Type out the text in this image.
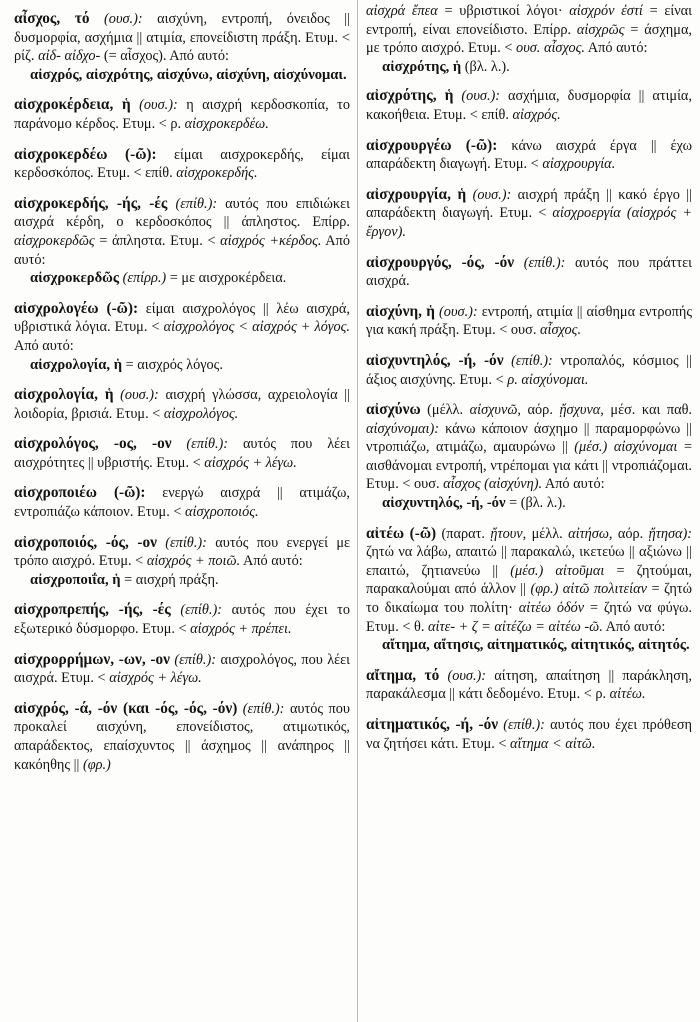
αἶσχος, τό (ουσ.): αισχύνη, εντροπή, όνειδος || δυσμορφία, ασχήμια || ατιμία, επονείδιστη πράξη. Ετυμ. < ρίζ. αἰδ- αἰδχο- (= αἶσχος). Από αυτό:
αἰσχρός, αἰσχρότης, αἰσχύνω, αἰσχύνη, αἰσχύνομαι.

αἰσχροκέρδεια, ἡ (ουσ.): η αισχρή κερδοσκοπία, το παράνομο κέρδος. Ετυμ. < ρ. αἰσχροκερδέω.

αἰσχροκερδέω (-ῶ): είμαι αισχροκερδής, είμαι κερδοσκόπος. Ετυμ. < επίθ. αἰσχροκερδής.

αἰσχροκερδής, -ής, -ές (επίθ.): αυτός που επιδιώκει αισχρά κέρδη, ο κερδοσκόπος || άπληστος. Επίρρ. αἰσχροκερδῶς = άπληστα. Ετυμ. < αἰσχρός +κέρδος. Από αυτό:
αἰσχροκερδῶς (επίρρ.) = με αισχροκέρδεια.

αἰσχρολογέω (-ῶ): είμαι αισχρολόγος || λέω αισχρά, υβριστικά λόγια. Ετυμ. < αἰσχρολόγος < αἰσχρός + λόγος. Από αυτό:
αἰσχρολογία, ἡ = αισχρός λόγος.

αἰσχρολογία, ἡ (ουσ.): αισχρή γλώσσα, αχρειολογία || λοιδορία, βρισιά. Ετυμ. < αἰσχρολόγος.

αἰσχρολόγος, -ος, -ον (επίθ.): αυτός που λέει αισχρότητες || υβριστής. Ετυμ. < αἰσχρός + λέγω.

αἰσχροποιέω (-ῶ): ενεργώ αισχρά || ατιμάζω, εντροπιάζω κάποιον. Ετυμ. < αἰσχροποιός.

αἰσχροποιός, -ός, -ον (επίθ.): αυτός που ενεργεί με τρόπο αισχρό. Ετυμ. < αἰσχρός + ποιῶ. Από αυτό:
αἰσχροποιΐα, ἡ = αισχρή πράξη.

αἰσχροπρεπής, -ής, -ές (επίθ.): αυτός που έχει το εξωτερικό δύσμορφο. Ετυμ. < αἰσχρός + πρέπει.

αἰσχρορρήμων, -ων, -ον (επίθ.): αισχρολόγος, που λέει αισχρά. Ετυμ. < αἰσχρός + λέγω.

αἰσχρός, -ά, -όν (και -ός, -ός, -όν) (επίθ.): αυτός που προκαλεί αισχύνη, επονείδιστος, ατιμωτικός, απαράδεκτος, επαίσχυντος || άσχημος || ανάπηρος || κακόηθης || (φρ.)

αἰσχρά ἔπεα = υβριστικοί λόγοι· αἰσχρόν ἐστί = είναι εντροπή, είναι επονείδιστο. Επίρρ. αἰσχρῶς = άσχημα, με τρόπο αισχρό. Ετυμ. < ουσ. αἶσχος. Από αυτό:
αἰσχρότης, ἡ (βλ. λ.).

αἰσχρότης, ἡ (ουσ.): ασχήμια, δυσμορφία || ατιμία, κακοήθεια. Ετυμ. < επίθ. αἰσχρός.

αἰσχρουργέω (-ῶ): κάνω αισχρά έργα || έχω απαράδεκτη διαγωγή. Ετυμ. < αἰσχρουργία.

αἰσχρουργία, ἡ (ουσ.): αισχρή πράξη || κακό έργο || απαράδεκτη διαγωγή. Ετυμ. < αἰσχροεργία (αἰσχρός + ἔργον).

αἰσχρουργός, -ός, -όν (επίθ.): αυτός που πράττει αισχρά.

αἰσχύνη, ἡ (ουσ.): εντροπή, ατιμία || αίσθημα εντροπής για κακή πράξη. Ετυμ. < ουσ. αἶσχος.

αἰσχυντηλός, -ή, -όν (επίθ.): ντροπαλός, κόσμιος || άξιος αισχύνης. Ετυμ. < ρ. αἰσχύνομαι.

αἰσχύνω (μέλλ. αἰσχυνῶ, αόρ. ᾔσχυνα, μέσ. και παθ. αἰσχύνομαι): κάνω κάποιον άσχημο || παραμορφώνω || ντροπιάζω, ατιμάζω, αμαυρώνω || (μέσ.) αἰσχύνομαι = αισθάνομαι εντροπή, ντρέπομαι για κάτι || ντροπιάζομαι. Ετυμ. < ουσ. αἶσχος (αἰσχύνη). Από αυτό:
αἰσχυντηλός, -ή, -όν = (βλ. λ.).

αἰτέω (-ῶ) (παρατ. ᾔτουν, μέλλ. αἰτήσω, αόρ. ᾔτησα): ζητώ να λάβω, απαιτώ || παρακαλώ, ικετεύω || αξιώνω || επαιτώ, ζητιανεύω || (μέσ.) αἰτοῦμαι = ζητούμαι, παρακαλούμαι από άλλον || (φρ.) αἰτῶ πολιτείαν = ζητώ το δικαίωμα του πολίτη· αἰτέω ὁδόν = ζητώ να φύγω. Ετυμ. < θ. αἰτε- + ζ = αἰτέζω = αἰτέω -ῶ. Από αυτό:
αἴτημα, αἴτησις, αἰτηματικός, αἰτητικός, αἰτητός.

αἴτημα, τό (ουσ.): αίτηση, απαίτηση || παράκληση, παρακάλεσμα || κάτι δεδομένο. Ετυμ. < ρ. αἰτέω.

αἰτηματικός, -ή, -όν (επίθ.): αυτός που έχει πρόθεση να ζητήσει κάτι. Ετυμ. < αἴτημα < αἰτῶ.
